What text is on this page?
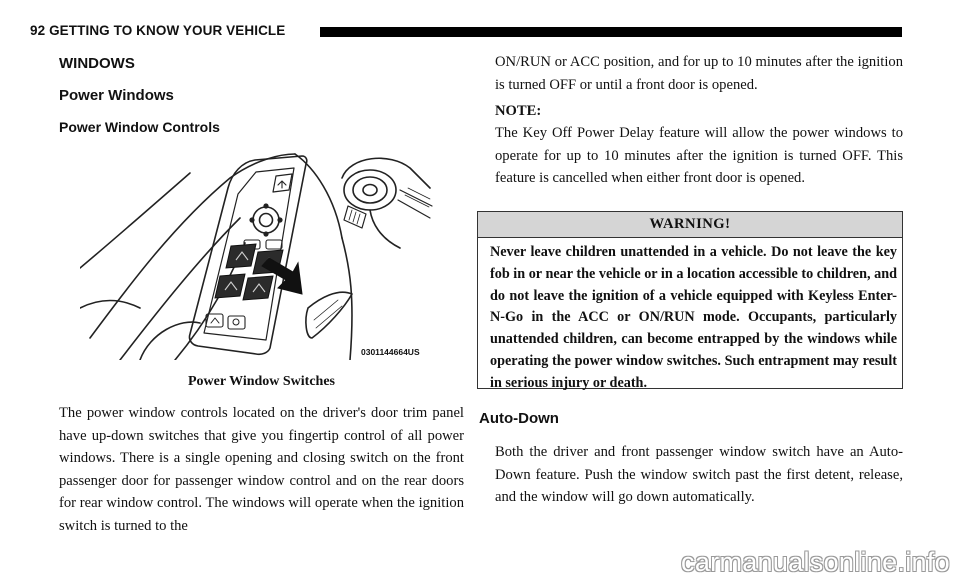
92 GETTING TO KNOW YOUR VEHICLE
WINDOWS
Power Windows
Power Window Controls
0301144664US
Power Window Switches

The power window controls located on the driver's door trim panel have up-down switches that give you fingertip control of all power windows. There is a single opening and closing switch on the front passenger door for passenger window control and on the rear doors for rear window control. The windows will operate when the ignition switch is turned to the

ON/RUN or ACC position, and for up to 10 minutes after the ignition is turned OFF or until a front door is opened.

NOTE:

The Key Off Power Delay feature will allow the power windows to operate for up to 10 minutes after the ignition is turned OFF. This feature is cancelled when either front door is opened.

WARNING!

Never leave children unattended in a vehicle. Do not leave the key fob in or near the vehicle or in a location accessible to children, and do not leave the ignition of a vehicle equipped with Keyless Enter-N-Go in the ACC or ON/RUN mode. Occupants, particularly unattended children, can become entrapped by the windows while operating the power window switches. Such entrapment may result in serious injury or death.

Auto-Down

Both the driver and front passenger window switch have an Auto-Down feature. Push the window switch past the first detent, release, and the window will go down automatically.

carmanualsonline.info
